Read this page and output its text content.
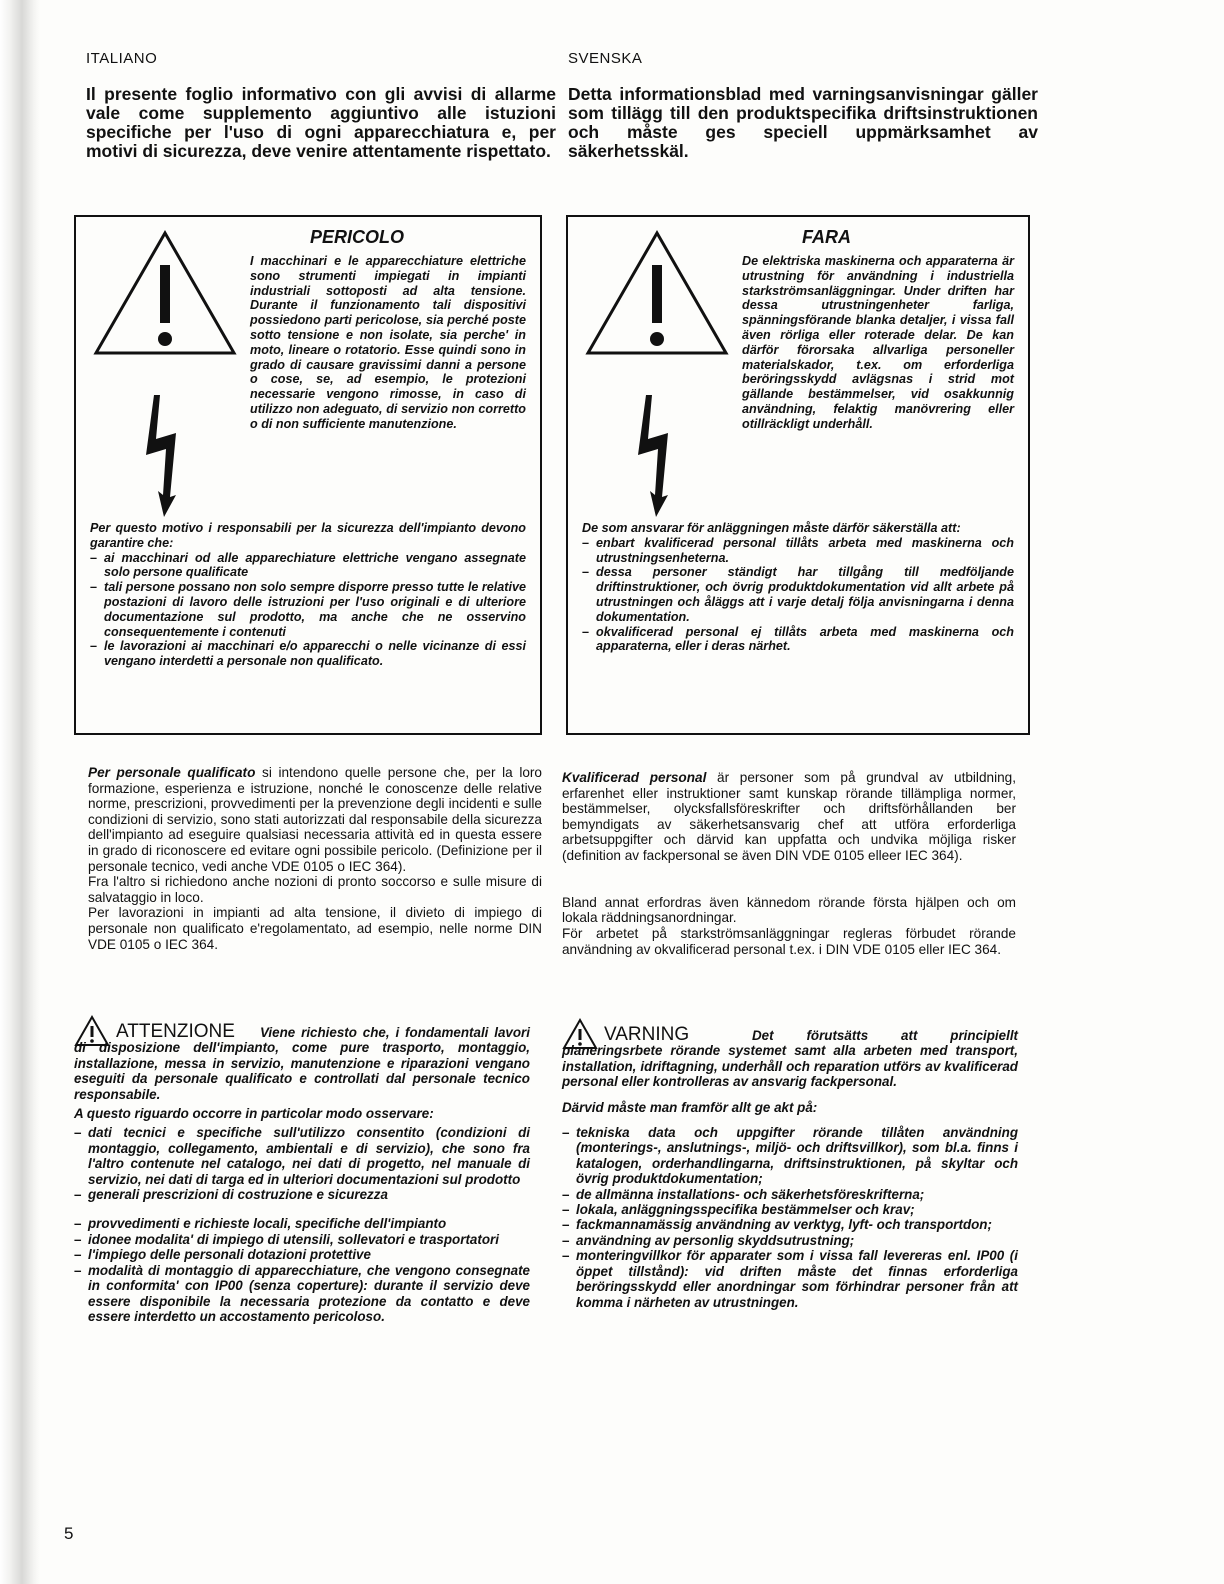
ITALIANO

Il presente foglio informativo con gli avvisi di allarme vale come supplemento aggiuntivo alle istuzioni specifiche per l'uso di ogni apparecchiatura e, per motivi di sicurezza, deve venire attentamente rispettato.

SVENSKA

Detta informationsblad med varningsanvisningar gäller som tillägg till den produktspecifika driftsinstruktionen och måste ges speciell uppmärksamhet av säkerhetsskäl.

PERICOLO

I macchinari e le apparecchiature elettriche sono strumenti impiegati in impianti industriali sottoposti ad alta tensione. Durante il funzionamento tali dispositivi possiedono parti pericolose, sia perché poste sotto tensione e non isolate, sia perche' in moto, lineare o rotatorio. Esse quindi sono in grado di causare gravissimi danni a persone o cose, se, ad esempio, le protezioni necessarie vengono rimosse, in caso di utilizzo non adeguato, di servizio non corretto o di non sufficiente manutenzione.

Per questo motivo i responsabili per la sicurezza dell'impianto devono garantire che:

– ai macchinari od alle apparechiature elettriche vengano assegnate solo persone qualificate
– tali persone possano non solo sempre disporre presso tutte le relative postazioni di lavoro delle istruzioni per l'uso originali e di ulteriore documentazione sul prodotto, ma anche che ne osservino consequentemente i contenuti
– le lavorazioni ai macchinari e/o apparecchi o nelle vicinanze di essi vengano interdetti a personale non qualificato.

FARA

De elektriska maskinerna och apparaterna är utrustning för användning i industriella starkströmsanläggningar. Under driften har dessa utrustningenheter farliga, spänningsförande blanka detaljer, i vissa fall även rörliga eller roterade delar. De kan därför förorsaka allvarliga personeller materialskador, t.ex. om erforderliga beröringsskydd avlägsnas i strid mot gällande bestämmelser, vid osakkunnig användning, felaktig manövrering eller otillräckligt underhåll.

De som ansvarar för anläggningen måste därför säkerställa att:

– enbart kvalificerad personal tillåts arbeta med maskinerna och utrustningsenheterna.
– dessa personer ständigt har tillgång till medföljande driftinstruktioner, och övrig produktdokumentation vid allt arbete på utrustningen och åläggs att i varje detalj följa anvisningarna i denna dokumentation.
– okvalificerad personal ej tillåts arbeta med maskinerna och apparaterna, eller i deras närhet.

Per personale qualificato si intendono quelle persone che, per la loro formazione, esperienza e istruzione, nonché le conoscenze delle relative norme, prescrizioni, provvedimenti per la prevenzione degli incidenti e sulle condizioni di servizio, sono stati autorizzati dal responsabile della sicurezza dell'impianto ad eseguire qualsiasi necessaria attività ed in questa essere in grado di riconoscere ed evitare ogni possibile pericolo. (Definizione per il personale tecnico, vedi anche VDE 0105 o IEC 364).
Fra l'altro si richiedono anche nozioni di pronto soccorso e sulle misure di salvataggio in loco.
Per lavorazioni in impianti ad alta tensione, il divieto di impiego di personale non qualificato e'regolamentato, ad esempio, nelle norme DIN VDE 0105 o IEC 364.

Kvalificerad personal är personer som på grundval av utbildning, erfarenhet eller instruktioner samt kunskap rörande tillämpliga normer, bestämmelser, olycksfallsföreskrifter och driftsförhållanden ber bemyndigats av säkerhetsansvarig chef att utföra erforderliga arbetsuppgifter och därvid kan uppfatta och undvika möjliga risker (definition av fackpersonal se även DIN VDE 0105 elleer IEC 364).

Bland annat erfordras även kännedom rörande första hjälpen och om lokala räddningsanordningar.
För arbetet på starkströmsanläggningar regleras förbudet rörande användning av okvalificerad personal t.ex. i DIN VDE 0105 eller IEC 364.

ATTENZIONE	Viene richiesto che, i fondamentali lavori di disposizione dell'impianto, come pure trasporto, montaggio, installazione, messa in servizio, manutenzione e riparazioni vengano eseguiti da personale qualificato e controllati dal personale tecnico responsabile.

A questo riguardo occorre in particolar modo osservare:

– dati tecnici e specifiche sull'utilizzo consentito (condizioni di montaggio, collegamento, ambientali e di servizio), che sono fra l'altro contenute nel catalogo, nei dati di progetto, nel manuale di servizio, nei dati di targa ed in ulteriori documentazioni sul prodotto
– generali prescrizioni di costruzione e sicurezza
– provvedimenti e richieste locali, specifiche dell'impianto
– idonee modalita' di impiego di utensili, sollevatori e trasportatori
– l'impiego delle personali dotazioni protettive
– modalità di montaggio di apparecchiature, che vengono consegnate in conformita' con IP00 (senza coperture): durante il servizio deve essere disponibile la necessaria protezione da contatto e deve essere interdetto un accostamento pericoloso.
VARNING	Det förutsätts att principiellt planeringsrbete rörande systemet samt alla arbeten med transport, installation, idriftagning, underhåll och reparation utförs av kvalificerad personal eller kontrolleras av ansvarig fackpersonal.

Därvid måste man framför allt ge akt på:

– tekniska data och uppgifter rörande tillåten användning (monterings-, anslutnings-, miljö- och driftsvillkor), som bl.a. finns i katalogen, orderhandlingarna, driftsinstruktionen, på skyltar och övrig produktdokumentation;
– de allmänna installations- och säkerhetsföreskrifterna;
– lokala, anläggningsspecifika bestämmelser och krav;
– fackmannamässig användning av verktyg, lyft- och transportdon;
– användning av personlig skyddsutrustning;
– monteringvillkor för apparater som i vissa fall levereras enl. IP00 (i öppet tillstånd): vid driften måste det finnas erforderliga beröringsskydd eller anordningar som förhindrar personer från att komma i närheten av utrustningen.
5
